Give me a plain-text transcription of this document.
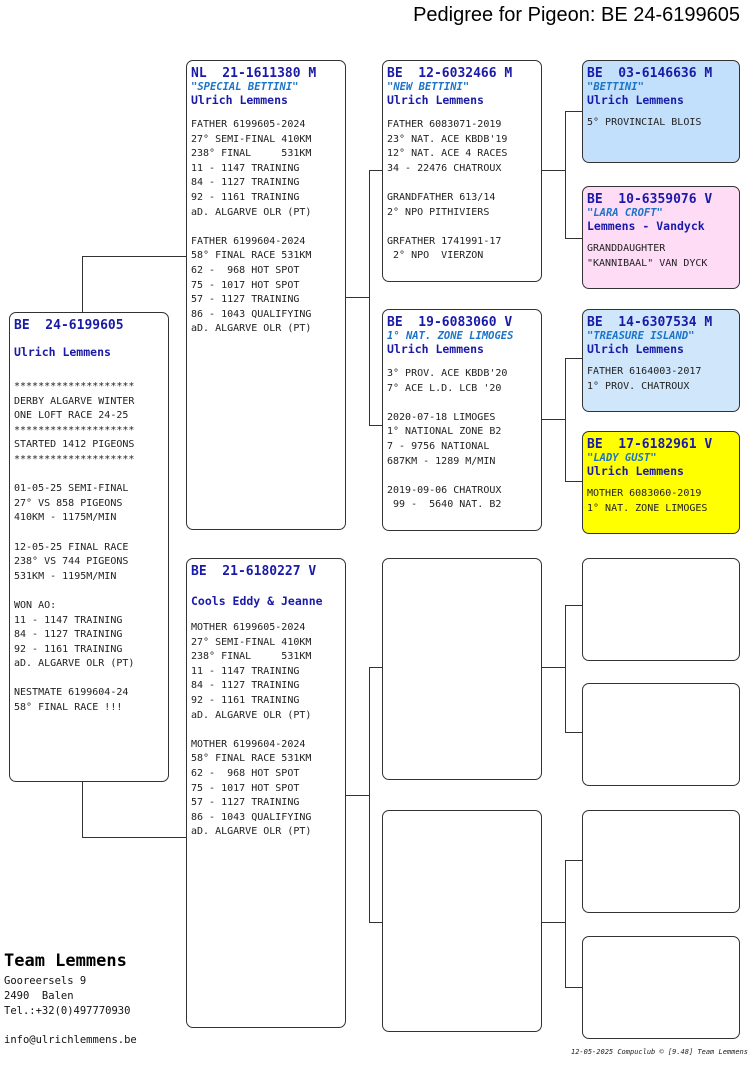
Pedigree for Pigeon: BE 24-6199605
BE  24-6199605
Ulrich Lemmens
********************
DERBY ALGARVE WINTER
ONE LOFT RACE 24-25
********************
STARTED 1412 PIGEONS
********************

01-05-25 SEMI-FINAL
27° VS 858 PIGEONS
410KM - 1175M/MIN

12-05-25 FINAL RACE
238° VS 744 PIGEONS
531KM - 1195M/MIN

WON AO:
11 - 1147 TRAINING
84 - 1127 TRAINING
92 - 1161 TRAINING
aD. ALGARVE OLR (PT)

NESTMATE 6199604-24
58° FINAL RACE !!!
NL  21-1611380 M
"SPECIAL BETTINI"
Ulrich Lemmens
FATHER 6199605-2024
27° SEMI-FINAL 410KM
238° FINAL     531KM
11 - 1147 TRAINING
84 - 1127 TRAINING
92 - 1161 TRAINING
aD. ALGARVE OLR (PT)

FATHER 6199604-2024
58° FINAL RACE 531KM
62 -  968 HOT SPOT
75 - 1017 HOT SPOT
57 - 1127 TRAINING
86 - 1043 QUALIFYING
aD. ALGARVE OLR (PT)
BE  21-6180227 V
Cools Eddy & Jeanne
MOTHER 6199605-2024
27° SEMI-FINAL 410KM
238° FINAL     531KM
11 - 1147 TRAINING
84 - 1127 TRAINING
92 - 1161 TRAINING
aD. ALGARVE OLR (PT)

MOTHER 6199604-2024
58° FINAL RACE 531KM
62 -  968 HOT SPOT
75 - 1017 HOT SPOT
57 - 1127 TRAINING
86 - 1043 QUALIFYING
aD. ALGARVE OLR (PT)
BE  12-6032466 M
"NEW BETTINI"
Ulrich Lemmens
FATHER 6083071-2019
23° NAT. ACE KBDB'19
12° NAT. ACE 4 RACES
34 - 22476 CHATROUX

GRANDFATHER 613/14
2° NPO PITHIVIERS

GRFATHER 1741991-17
2° NPO  VIERZON
BE  19-6083060 V
1° NAT. ZONE LIMOGES
Ulrich Lemmens
3° PROV. ACE KBDB'20
7° ACE L.D. LCB '20

2020-07-18 LIMOGES
1° NATIONAL ZONE B2
7 - 9756 NATIONAL
687KM - 1289 M/MIN

2019-09-06 CHATROUX
99 -  5640 NAT. B2
BE  03-6146636 M
"BETTINI"
Ulrich Lemmens
5° PROVINCIAL BLOIS
BE  10-6359076 V
"LARA CROFT"
Lemmens - Vandyck
GRANDDAUGHTER
"KANNIBAAL" VAN DYCK
BE  14-6307534 M
"TREASURE ISLAND"
Ulrich Lemmens
FATHER 6164003-2017
1° PROV. CHATROUX
BE  17-6182961 V
"LADY GUST"
Ulrich Lemmens
MOTHER 6083060-2019
1° NAT. ZONE LIMOGES
Team Lemmens
Gooreersels 9
2490  Balen
Tel.:+32(0)497770930
info@ulrichlemmens.be
12-05-2025 Compuclub © [9.48] Team Lemmens
